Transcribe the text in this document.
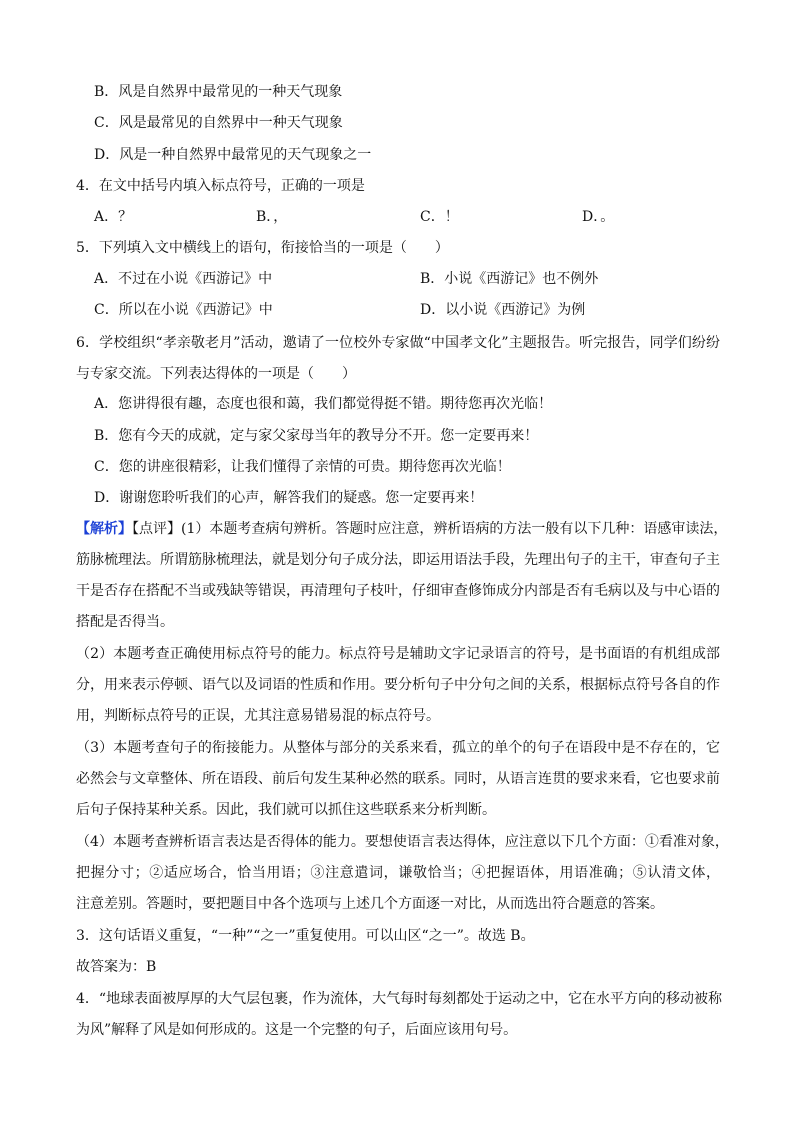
B．风是自然界中最常见的一种天气现象
C．风是最常见的自然界中一种天气现象
D．风是一种自然界中最常见的天气现象之一
4．在文中括号内填入标点符号，正确的一项是
A．？	B．，	C．！	D．。
5．下列填入文中横线上的语句，衔接恰当的一项是（　　）
A．不过在小说《西游记》中	B．小说《西游记》也不例外
C．所以在小说《西游记》中	D．以小说《西游记》为例
6．学校组织“孝亲敬老月”活动，邀请了一位校外专家做“中国孝文化”主题报告。听完报告，同学们纷纷
与专家交流。下列表达得体的一项是（　　）
A．您讲得很有趣，态度也很和蔼，我们都觉得挺不错。期待您再次光临！
B．您有今天的成就，定与家父家母当年的教导分不开。您一定要再来！
C．您的讲座很精彩，让我们懂得了亲情的可贵。期待您再次光临！
D．谢谢您聆听我们的心声，解答我们的疑惑。您一定要再来！
【解析】【点评】(1）本题考查病句辨析。答题时应注意，辨析语病的方法一般有以下几种：语感审读法，
筋脉梳理法。所谓筋脉梳理法，就是划分句子成分法，即运用语法手段，先理出句子的主干，审查句子主
干是否存在搭配不当或残缺等错误，再清理句子枝叶，仔细审查修饰成分内部是否有毛病以及与中心语的
搭配是否得当。
（2）本题考查正确使用标点符号的能力。标点符号是辅助文字记录语言的符号，是书面语的有机组成部
分，用来表示停顿、语气以及词语的性质和作用。要分析句子中分句之间的关系，根据标点符号各自的作
用，判断标点符号的正误，尤其注意易错易混的标点符号。
（3）本题考查句子的衔接能力。从整体与部分的关系来看，孤立的单个的句子在语段中是不存在的，它
必然会与文章整体、所在语段、前后句发生某种必然的联系。同时，从语言连贯的要求来看，它也要求前
后句子保持某种关系。因此，我们就可以抓住这些联系来分析判断。
（4）本题考查辨析语言表达是否得体的能力。要想使语言表达得体，应注意以下几个方面：①看准对象，
把握分寸；②适应场合，恰当用语；③注意遣词，谦敬恰当；④把握语体，用语准确；⑤认清文体，
注意差别。答题时，要把题目中各个选项与上述几个方面逐一对比，从而选出符合题意的答案。
3．这句话语义重复，“一种”“之一”重复使用。可以山区“之一”。故选 B。
故答案为：B
4．“地球表面被厚厚的大气层包裹，作为流体，大气每时每刻都处于运动之中，它在水平方向的移动被称
为风”解释了风是如何形成的。这是一个完整的句子，后面应该用句号。
